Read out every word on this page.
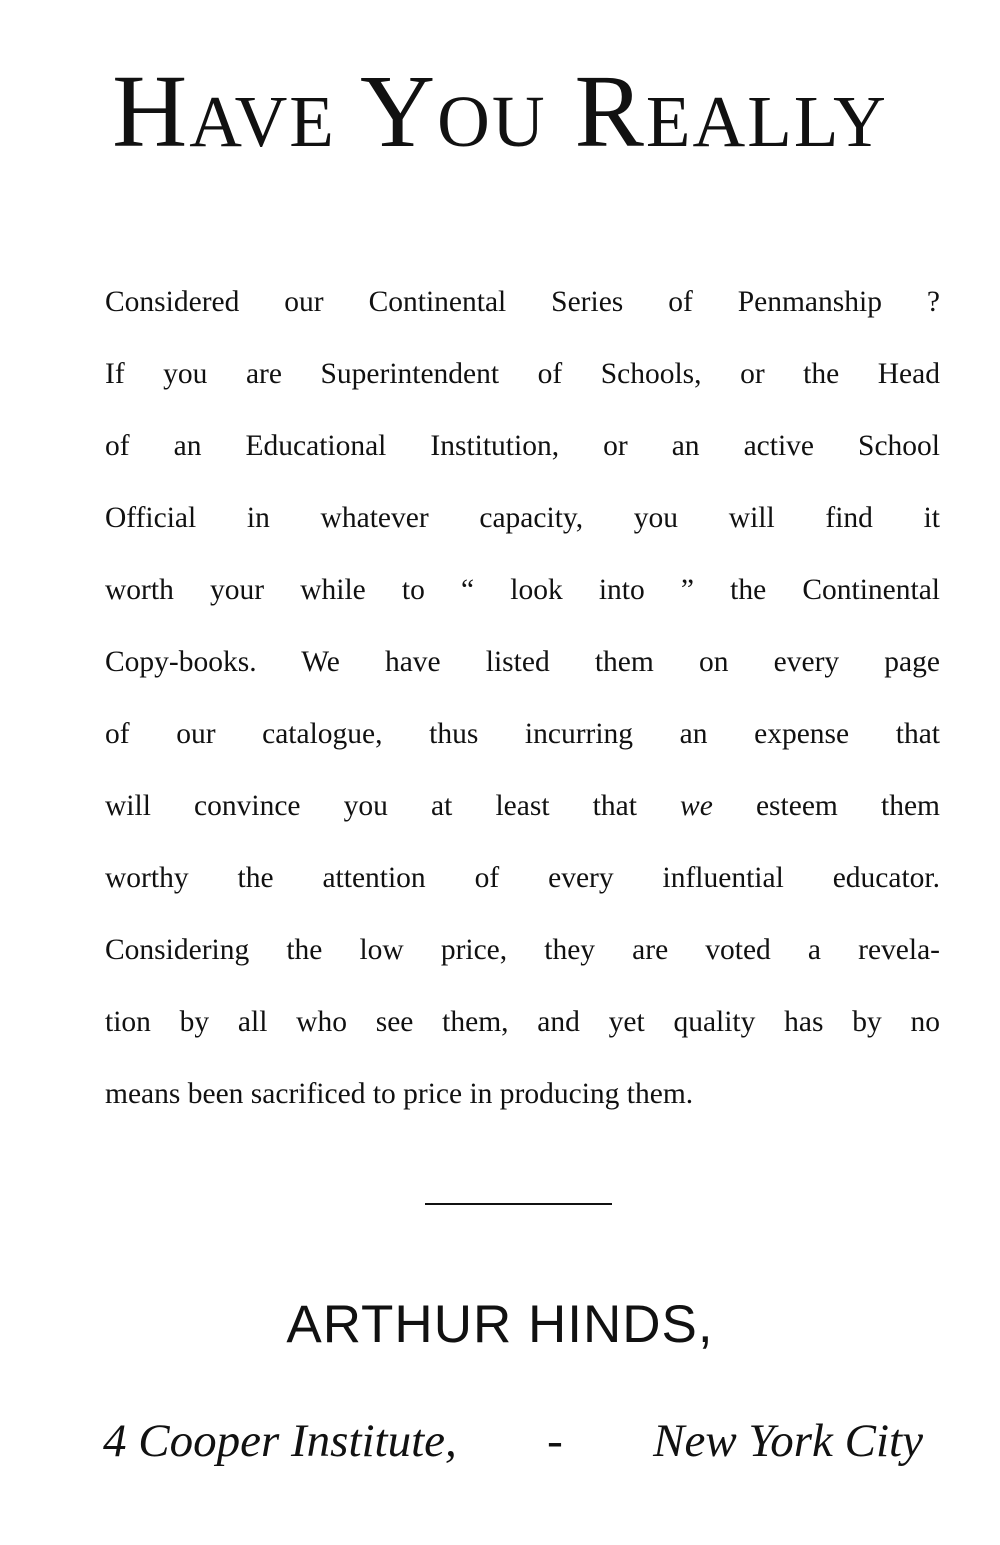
Have You Really
Considered our Continental Series of Penmanship ?
If you are Superintendent of Schools, or the Head
of an Educational Institution, or an active School
Official in whatever capacity, you will find it
worth your while to “ look into ” the Continental
Copy-books. We have listed them on every page
of our catalogue, thus incurring an expense that
will convince you at least that we esteem them
worthy the attention of every influential educator.
Considering the low price, they are voted a revela-
tion by all who see them, and yet quality has by no
means been sacrificed to price in producing them.
ARTHUR HINDS,
4 Cooper Institute, - New York City
